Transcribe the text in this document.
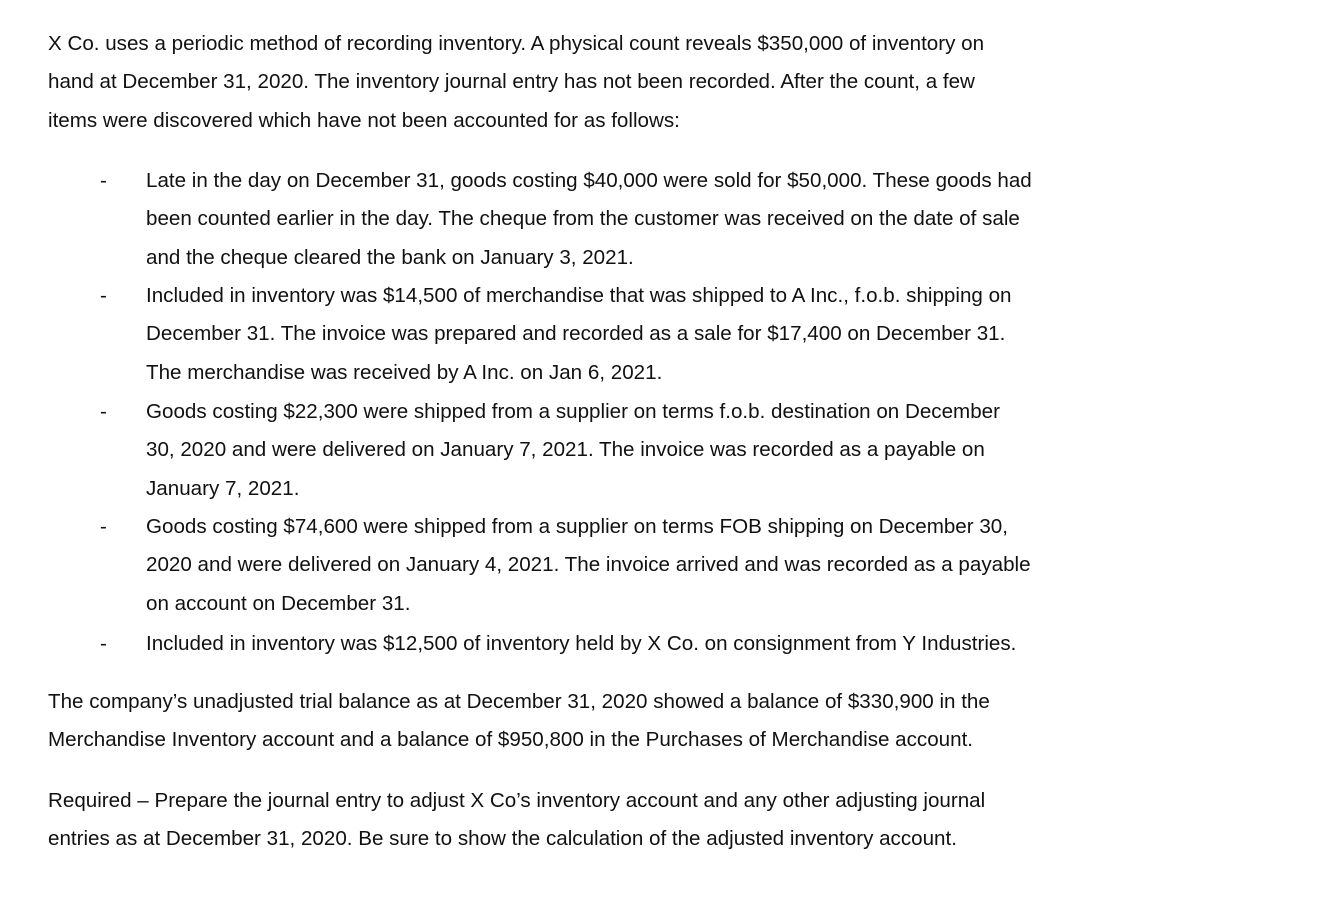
X Co. uses a periodic method of recording inventory. A physical count reveals $350,000 of inventory on
hand at December 31, 2020. The inventory journal entry has not been recorded. After the count, a few
items were discovered which have not been accounted for as follows:
- Late in the day on December 31, goods costing $40,000 were sold for $50,000. These goods had
been counted earlier in the day. The cheque from the customer was received on the date of sale
and the cheque cleared the bank on January 3, 2021.
- Included in inventory was $14,500 of merchandise that was shipped to A Inc., f.o.b. shipping on
December 31. The invoice was prepared and recorded as a sale for $17,400 on December 31.
The merchandise was received by A Inc. on Jan 6, 2021.
- Goods costing $22,300 were shipped from a supplier on terms f.o.b. destination on December
30, 2020 and were delivered on January 7, 2021. The invoice was recorded as a payable on
January 7, 2021.
- Goods costing $74,600 were shipped from a supplier on terms FOB shipping on December 30,
2020 and were delivered on January 4, 2021. The invoice arrived and was recorded as a payable
on account on December 31.
- Included in inventory was $12,500 of inventory held by X Co. on consignment from Y Industries.
The company’s unadjusted trial balance as at December 31, 2020 showed a balance of $330,900 in the
Merchandise Inventory account and a balance of $950,800 in the Purchases of Merchandise account.
Required – Prepare the journal entry to adjust X Co’s inventory account and any other adjusting journal
entries as at December 31, 2020. Be sure to show the calculation of the adjusted inventory account.
